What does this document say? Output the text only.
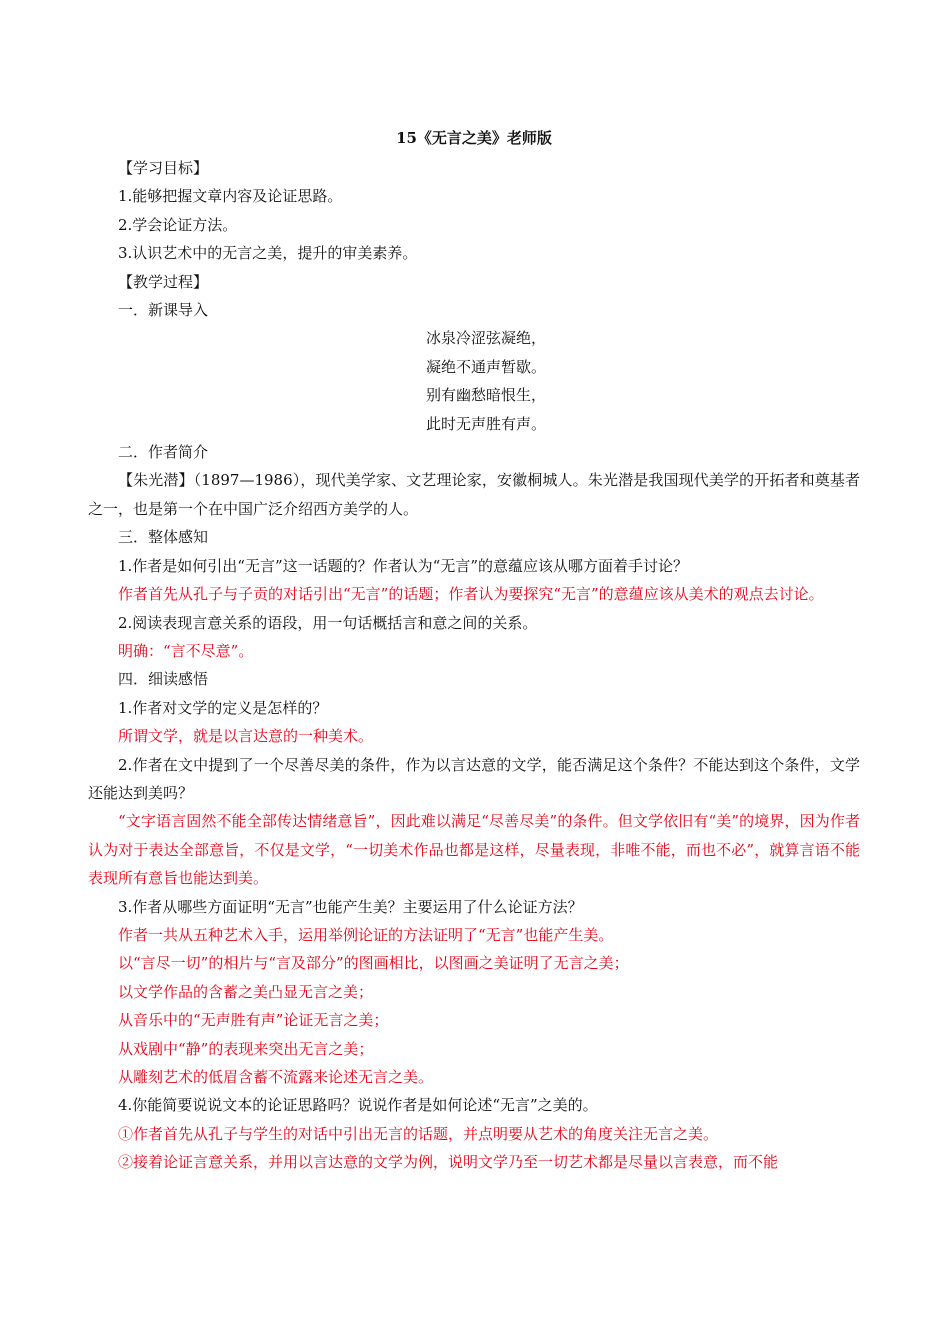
15《无言之美》老师版
【学习目标】
1.能够把握文章内容及论证思路。
2.学会论证方法。
3.认识艺术中的无言之美，提升的审美素养。
【教学过程】
一．新课导入
冰泉冷涩弦凝绝，
凝绝不通声暂歇。
别有幽愁暗恨生，
此时无声胜有声。
二．作者简介
【朱光潜】（1897—1986），现代美学家、文艺理论家，安徽桐城人。朱光潜是我国现代美学的开拓者和奠基者之一，也是第一个在中国广泛介绍西方美学的人。
三．整体感知
1.作者是如何引出“无言”这一话题的？作者认为“无言”的意蕴应该从哪方面着手讨论？
作者首先从孔子与子贡的对话引出“无言”的话题；作者认为要探究“无言”的意蕴应该从美术的观点去讨论。
2.阅读表现言意关系的语段，用一句话概括言和意之间的关系。
明确：“言不尽意”。
四．细读感悟
1.作者对文学的定义是怎样的？
所谓文学，就是以言达意的一种美术。
2.作者在文中提到了一个尽善尽美的条件，作为以言达意的文学，能否满足这个条件？不能达到这个条件，文学还能达到美吗？
“文字语言固然不能全部传达情绪意旨”，因此难以满足“尽善尽美”的条件。但文学依旧有“美”的境界，因为作者认为对于表达全部意旨，不仅是文学，“一切美术作品也都是这样，尽量表现，非唯不能，而也不必”，就算言语不能表现所有意旨也能达到美。
3.作者从哪些方面证明“无言”也能产生美？主要运用了什么论证方法？
作者一共从五种艺术入手，运用举例论证的方法证明了“无言”也能产生美。
以“言尽一切”的相片与“言及部分”的图画相比，以图画之美证明了无言之美；
以文学作品的含蓄之美凸显无言之美；
从音乐中的“无声胜有声”论证无言之美；
从戏剧中“静”的表现来突出无言之美；
从雕刻艺术的低眉含蓄不流露来论述无言之美。
4.你能简要说说文本的论证思路吗？说说作者是如何论述“无言”之美的。
①作者首先从孔子与学生的对话中引出无言的话题，并点明要从艺术的角度关注无言之美。
②接着论证言意关系，并用以言达意的文学为例，说明文学乃至一切艺术都是尽量以言表意，而不能
